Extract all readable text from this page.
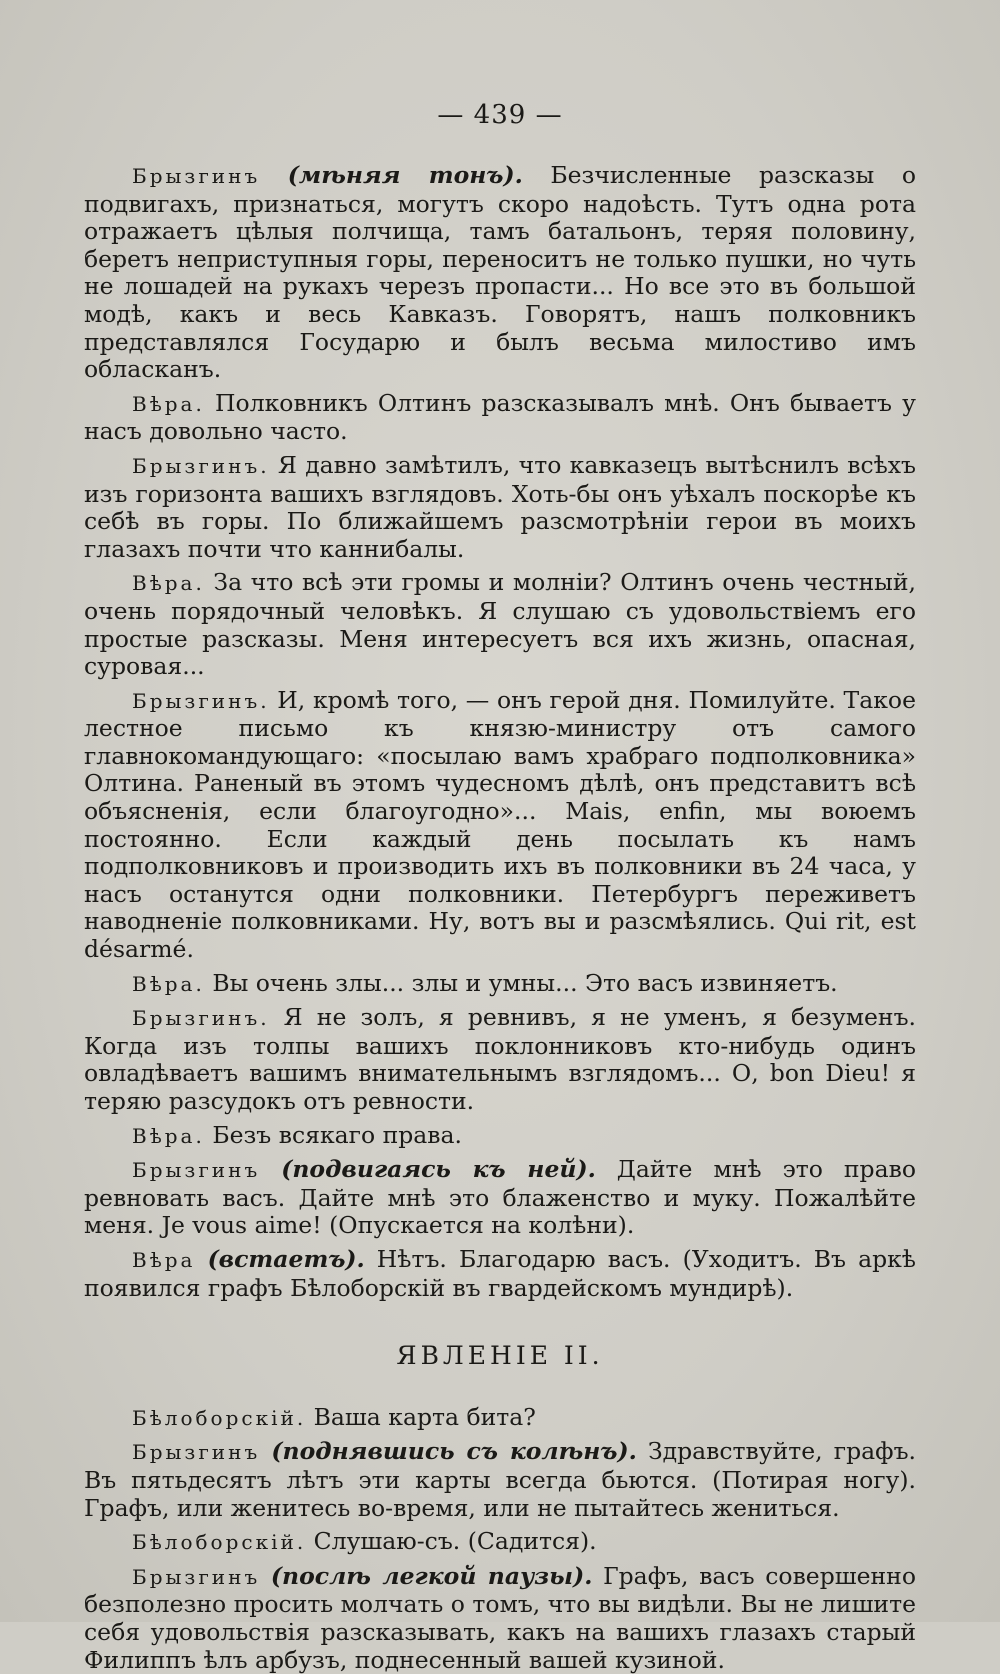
— 439 —

Брызгинъ (мѣняя тонъ). Безчисленные разсказы о подвигахъ, признаться, могутъ скоро надоѣсть. Тутъ одна рота отражаетъ цѣлыя полчища, тамъ батальонъ, теряя половину, беретъ неприступныя горы, переноситъ не только пушки, но чуть не лошадей на рукахъ черезъ пропасти... Но все это въ большой модѣ, какъ и весь Кавказъ. Говорятъ, нашъ полковникъ представлялся Государю и былъ весьма милостиво имъ обласканъ.

Вѣра. Полковникъ Олтинъ разсказывалъ мнѣ. Онъ бываетъ у насъ довольно часто.

Брызгинъ. Я давно замѣтилъ, что кавказецъ вытѣснилъ всѣхъ изъ горизонта вашихъ взглядовъ. Хоть-бы онъ уѣхалъ поскорѣе къ себѣ въ горы. По ближайшемъ разсмотрѣніи герои въ моихъ глазахъ почти что каннибалы.

Вѣра. За что всѣ эти громы и молніи? Олтинъ очень честный, очень порядочный человѣкъ. Я слушаю съ удовольствіемъ его простые разсказы. Меня интересуетъ вся ихъ жизнь, опасная, суровая...

Брызгинъ. И, кромѣ того, — онъ герой дня. Помилуйте. Такое лестное письмо къ князю-министру отъ самого главнокомандующаго: «посылаю вамъ храбраго подполковника» Олтина. Раненый въ этомъ чудесномъ дѣлѣ, онъ представитъ всѣ объясненія, если благоугодно»... Mais, enfin, мы воюемъ постоянно. Если каждый день посылать къ намъ подполковниковъ и производить ихъ въ полковники въ 24 часа, у насъ останутся одни полковники. Петербургъ переживетъ наводненіе полковниками. Ну, вотъ вы и разсмѣялись. Qui rit, est désarmé.

Вѣра. Вы очень злы... злы и умны... Это васъ извиняетъ.

Брызгинъ. Я не золъ, я ревнивъ, я не уменъ, я безуменъ. Когда изъ толпы вашихъ поклонниковъ кто-нибудь одинъ овладѣваетъ вашимъ внимательнымъ взглядомъ... О, bon Dieu! я теряю разсудокъ отъ ревности.

Вѣра. Безъ всякаго права.

Брызгинъ (подвигаясь къ ней). Дайте мнѣ это право ревновать васъ. Дайте мнѣ это блаженство и муку. Пожалѣйте меня. Je vous aime! (Опускается на колѣни).

Вѣра (встаетъ). Нѣтъ. Благодарю васъ. (Уходитъ. Въ аркѣ появился графъ Бѣлоборскій въ гвардейскомъ мундирѣ).

ЯВЛЕНІЕ II.

Бѣлоборскій. Ваша карта бита?

Брызгинъ (поднявшись съ колѣнъ). Здравствуйте, графъ. Въ пятьдесятъ лѣтъ эти карты всегда бьются. (Потирая ногу). Графъ, или женитесь во-время, или не пытайтесь жениться.

Бѣлоборскій. Слушаю-съ. (Садится).

Брызгинъ (послѣ легкой паузы). Графъ, васъ совершенно безполезно просить молчать о томъ, что вы видѣли. Вы не лишите себя удовольствія разсказывать, какъ на вашихъ глазахъ старый Филиппъ ѣлъ арбузъ, поднесенный вашей кузиной.
